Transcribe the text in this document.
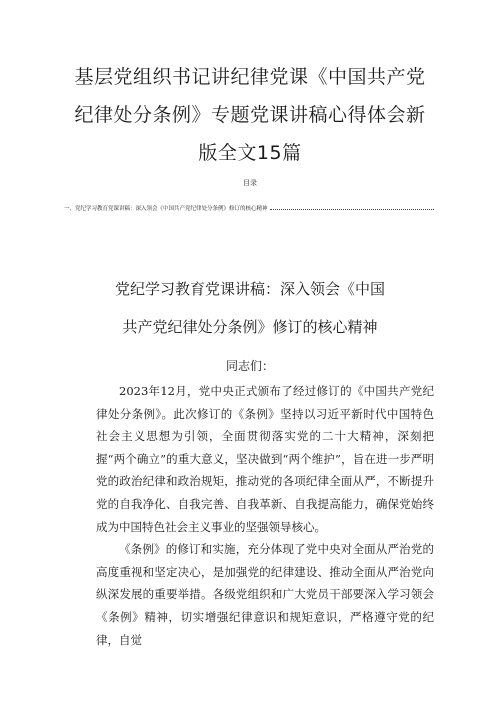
基层党组织书记讲纪律党课《中国共产党
纪律处分条例》专题党课讲稿心得体会新
版全文15篇
目录
一、党纪学习教育党课讲稿：深入领会《中国共产党纪律处分条例》修订的核心精神
党纪学习教育党课讲稿：深入领会《中国
共产党纪律处分条例》修订的核心精神
同志们：

2023年12月，党中央正式颁布了经过修订的《中国共产党纪律处分条例》。此次修订的《条例》坚持以习近平新时代中国特色社会主义思想为引领，全面贯彻落实党的二十大精神，深刻把握“两个确立”的重大意义，坚决做到“两个维护”，旨在进一步严明党的政治纪律和政治规矩，推动党的各项纪律全面从严，不断提升党的自我净化、自我完善、自我革新、自我提高能力，确保党始终成为中国特色社会主义事业的坚强领导核心。

《条例》的修订和实施，充分体现了党中央对全面从严治党的高度重视和坚定决心，是加强党的纪律建设、推动全面从严治党向纵深发展的重要举措。各级党组织和广大党员干部要深入学习领会《条例》精神，切实增强纪律意识和规矩意识，严格遵守党的纪律，自觉
